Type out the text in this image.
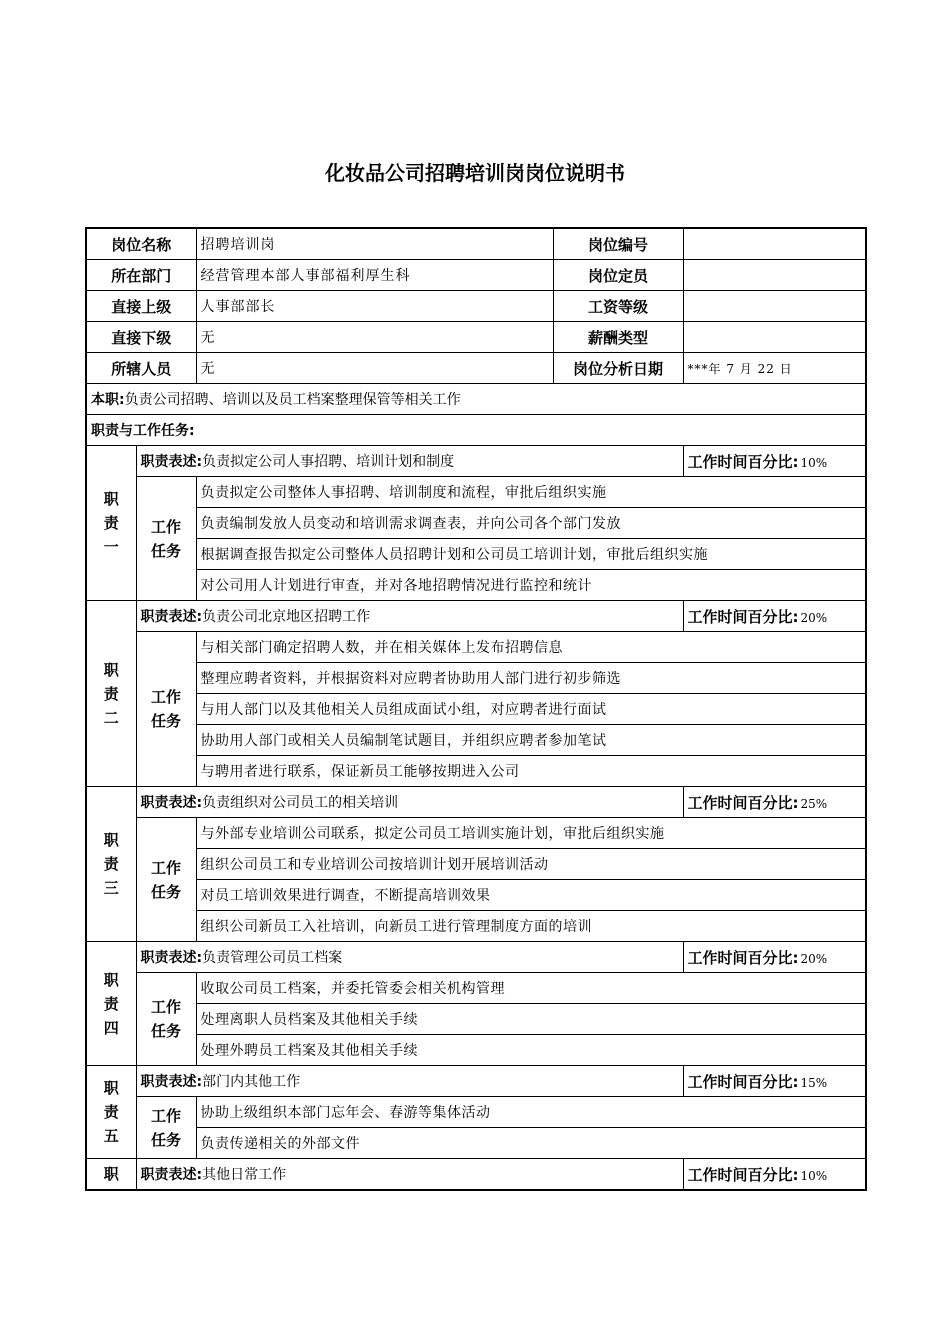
化妆品公司招聘培训岗岗位说明书
岗位名称		招聘培训岗	岗位编号	
所在部门		经营管理本部人事部福利厚生科	岗位定员	
直接上级		人事部部长	工资等级	
直接下级		无	薪酬类型	
所辖人员		无	岗位分析日期	***年 7 月 22 日
本职:负责公司招聘、培训以及员工档案整理保管等相关工作				
职责与工作任务:				

职
责
一	职责表述:负责拟定公司人事招聘、培训计划和制度			工作时间百分比: 10%

	工作
任务	负责拟定公司整体人事招聘、培训制度和流程，审批后组织实施		
		负责编制发放人员变动和培训需求调查表，并向公司各个部门发放		
		根据调查报告拟定公司整体人员招聘计划和公司员工培训计划，审批后组织实施		
		对公司用人计划进行审查，并对各地招聘情况进行监控和统计		

职
责
二	职责表述:负责公司北京地区招聘工作			工作时间百分比: 20%

	工作
任务	与相关部门确定招聘人数，并在相关媒体上发布招聘信息		
		整理应聘者资料，并根据资料对应聘者协助用人部门进行初步筛选		
		与用人部门以及其他相关人员组成面试小组，对应聘者进行面试		
		协助用人部门或相关人员编制笔试题目，并组织应聘者参加笔试		
		与聘用者进行联系，保证新员工能够按期进入公司		

职
责
三	职责表述:负责组织对公司员工的相关培训			工作时间百分比: 25%

	工作
任务	与外部专业培训公司联系，拟定公司员工培训实施计划，审批后组织实施		
		组织公司员工和专业培训公司按培训计划开展培训活动		
		对员工培训效果进行调查，不断提高培训效果		
		组织公司新员工入社培训，向新员工进行管理制度方面的培训		

职
责
四	职责表述:负责管理公司员工档案			工作时间百分比: 20%

	工作
任务	收取公司员工档案，并委托管委会相关机构管理		
		处理离职人员档案及其他相关手续		
		处理外聘员工档案及其他相关手续		

职
责
五	职责表述:部门内其他工作			工作时间百分比: 15%

	工作
任务	协助上级组织本部门忘年会、春游等集体活动		
		负责传递相关的外部文件		

职	职责表述:其他日常工作			工作时间百分比: 10%
